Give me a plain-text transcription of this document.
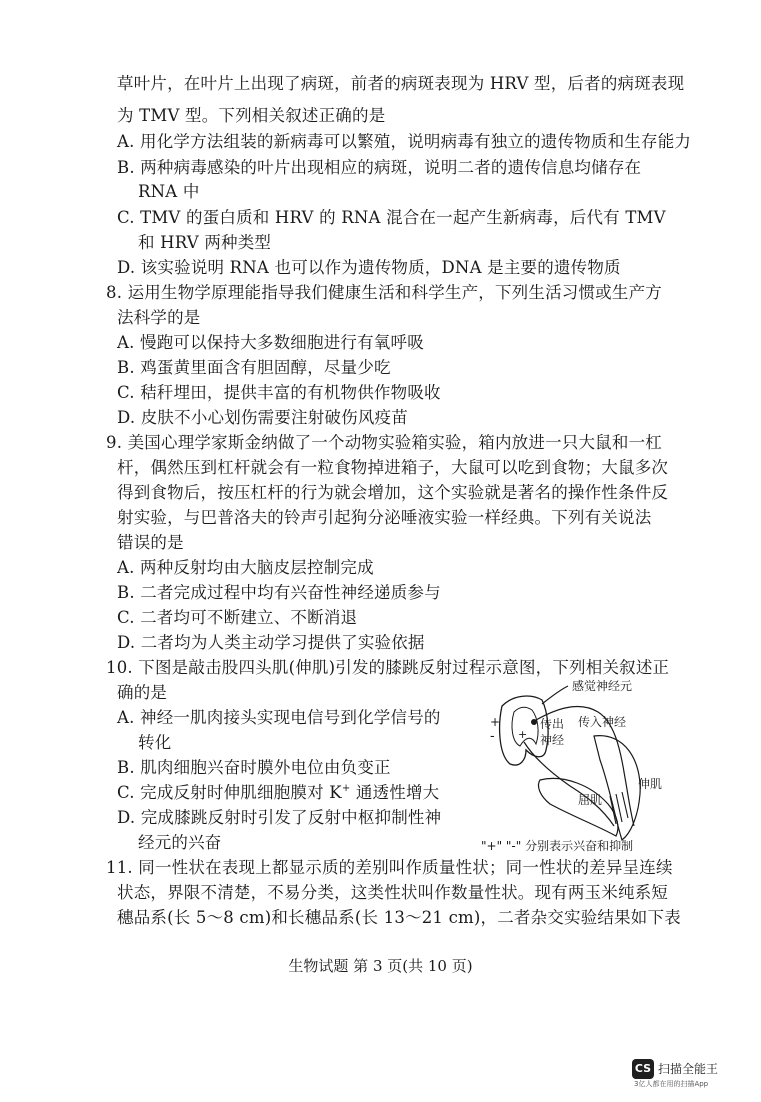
草叶片，在叶片上出现了病斑，前者的病斑表现为 HRV 型，后者的病斑表现
为 TMV 型。下列相关叙述正确的是
A. 用化学方法组装的新病毒可以繁殖，说明病毒有独立的遗传物质和生存能力
B. 两种病毒感染的叶片出现相应的病斑，说明二者的遗传信息均储存在
RNA 中
C. TMV 的蛋白质和 HRV 的 RNA 混合在一起产生新病毒，后代有 TMV
和 HRV 两种类型
D. 该实验说明 RNA 也可以作为遗传物质，DNA 是主要的遗传物质
8. 运用生物学原理能指导我们健康生活和科学生产，下列生活习惯或生产方
法科学的是
A. 慢跑可以保持大多数细胞进行有氧呼吸
B. 鸡蛋黄里面含有胆固醇，尽量少吃
C. 秸秆埋田，提供丰富的有机物供作物吸收
D. 皮肤不小心划伤需要注射破伤风疫苗
9. 美国心理学家斯金纳做了一个动物实验箱实验，箱内放进一只大鼠和一杠
杆，偶然压到杠杆就会有一粒食物掉进箱子，大鼠可以吃到食物；大鼠多次
得到食物后，按压杠杆的行为就会增加，这个实验就是著名的操作性条件反
射实验，与巴普洛夫的铃声引起狗分泌唾液实验一样经典。下列有关说法
错误的是
A. 两种反射均由大脑皮层控制完成
B. 二者完成过程中均有兴奋性神经递质参与
C. 二者均可不断建立、不断消退
D. 二者均为人类主动学习提供了实验依据
10. 下图是敲击股四头肌(伸肌)引发的膝跳反射过程示意图，下列相关叙述正
确的是
A. 神经一肌肉接头实现电信号到化学信号的
转化
B. 肌肉细胞兴奋时膜外电位由负变正
C. 完成反射时伸肌细胞膜对 K+ 通透性增大
D. 完成膝跳反射时引发了反射中枢抑制性神
经元的兴奋
11. 同一性状在表现上都显示质的差别叫作质量性状；同一性状的差异呈连续
状态，界限不清楚，不易分类，这类性状叫作数量性状。现有两玉米纯系短
穗品系(长 5～8 cm)和长穗品系(长 13～21 cm)，二者杂交实验结果如下表
感觉神经元
传入神经
传出
神经
伸肌
屈肌
+
- +
"+" "-" 分别表示兴奋和抑制
生物试题 第 3 页(共 10 页)
CS 扫描全能王
3亿人都在用的扫描App
